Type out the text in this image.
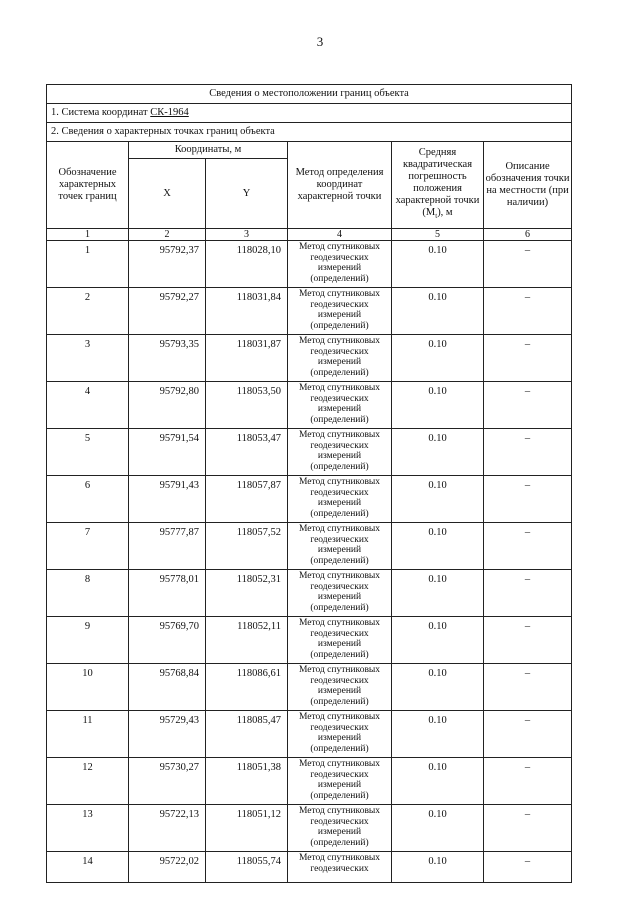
3
Сведения о местоположении границ объекта					
1. Система координат СК-1964					
2. Сведения о характерных точках границ объекта					
Обозначение характерных точек границ	Координаты, м		Метод определения координат характерной точки	Средняя квадратическая погрешность положения характерной точки $(M_t)$, м	Описание обозначения точки на местности (при наличии)
	X	Y			
1	2	3	4	5	6
1	95792,37	118028,10	Метод спутниковых геодезических измерений (определений)	0.10	–
2	95792,27	118031,84	Метод спутниковых геодезических измерений (определений)	0.10	–
3	95793,35	118031,87	Метод спутниковых геодезических измерений (определений)	0.10	–
4	95792,80	118053,50	Метод спутниковых геодезических измерений (определений)	0.10	–
5	95791,54	118053,47	Метод спутниковых геодезических измерений (определений)	0.10	–
6	95791,43	118057,87	Метод спутниковых геодезических измерений (определений)	0.10	–
7	95777,87	118057,52	Метод спутниковых геодезических измерений (определений)	0.10	–
8	95778,01	118052,31	Метод спутниковых геодезических измерений (определений)	0.10	–
9	95769,70	118052,11	Метод спутниковых геодезических измерений (определений)	0.10	–
10	95768,84	118086,61	Метод спутниковых геодезических измерений (определений)	0.10	–
11	95729,43	118085,47	Метод спутниковых геодезических измерений (определений)	0.10	–
12	95730,27	118051,38	Метод спутниковых геодезических измерений (определений)	0.10	–
13	95722,13	118051,12	Метод спутниковых геодезических измерений (определений)	0.10	–
14	95722,02	118055,74	Метод спутниковых геодезических	0.10	–
